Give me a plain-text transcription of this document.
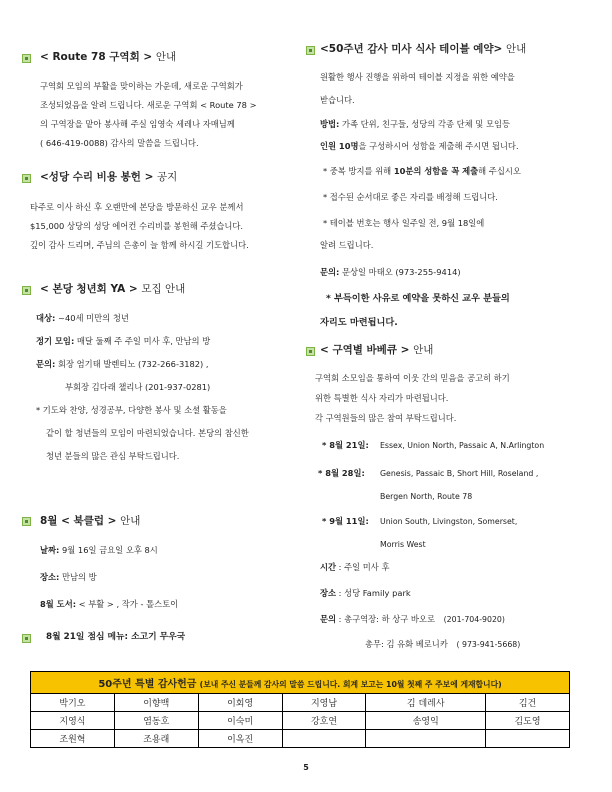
< Route 78 구역회 > 안내
구역회 모임의 부활을 맞이하는 가운데, 새로운 구역회가
조성되었음을 알려 드립니다. 새로운 구역회 < Route 78 >
의 구역장을 맡아 봉사해 주실 임영숙 세레나 자매님께
( 646-419-0088) 감사의 말씀을 드립니다.
<성당 수리 비용 봉헌 > 공지
타주로 이사 하신 후 오랜만에 본당을 방문하신 교우 분께서
$15,000 상당의 성당 에어컨 수리비를 봉헌해 주셨습니다.
깊이 감사 드리며, 주님의 은총이 늘 함께 하시길 기도합니다.
< 본당 청년회 YA > 모집 안내
대상: ~40세 미만의 청년
정기 모임: 매달 둘째 주 주일 미사 후, 만남의 방
문의: 회장 엄기태 발렌티노 (732-266-3182) ,
부회장 김다래 챌리나 (201-937-0281)
* 기도와 찬양, 성경공부, 다양한 봉사 및 소셜 활동을
같이 할 청년들의 모임이 마련되었습니다. 본당의 참신한
청년 분들의 많은 관심 부탁드립니다.
8월 < 북클럽 > 안내
날짜: 9월 16일 금요일 오후 8시
장소: 만남의 방
8월 도서: < 부활 > , 작가 - 톨스토이
8월 21일 점심 메뉴: 소고기 무우국
<50주년 감사 미사 식사 테이블 예약> 안내
원활한 행사 진행을 위하여 테이블 지정을 위한 예약을
받습니다.
방법: 가족 단위, 친구들, 성당의 각종 단체 및 모임등
인원 10명을 구성하시어 성함을 제출해 주시면 됩니다.
* 중복 방지를 위해 10분의 성함을 꼭 제출해 주십시오
* 접수된 순서대로 좋은 자리를 배정해 드립니다.
* 테이블 번호는 행사 일주일 전, 9월 18일에
알려 드립니다.
문의: 문상일 마태오 (973-255-9414)
* 부득이한 사유로 예약을 못하신 교우 분들의
자리도 마련됩니다.
< 구역별 바베큐 > 안내
구역회 소모임을 통하여 이웃 간의 믿음을 공고히 하기
위한 특별한 식사 자리가 마련됩니다.
각 구역원들의 많은 참여 부탁드립니다.
* 8월 21일: Essex, Union North, Passaic A, N.Arlington
* 8월 28일: Genesis, Passaic B, Short Hill, Roseland ,
Bergen North, Route 78
* 9월 11일: Union South, Livingston, Somerset,
Morris West
시간 : 주일 미사 후
장소 : 성당 Family park
문의 : 총구역장: 하 상구 바오로 (201-704-9020)
총무: 김 유화 베로니카 ( 973-941-5668)
50주년 특별 감사헌금 (보내 주신 분들께 감사의 말씀 드립니다. 회계 보고는 10월 첫째 주 주보에 게재합니다)					
박기오	이향백	이회영	지영남	김 데레사	김건
지영식	염동호	이숙미	강호연	송영익	김도영
조원혁	조용래	이옥진			
5
